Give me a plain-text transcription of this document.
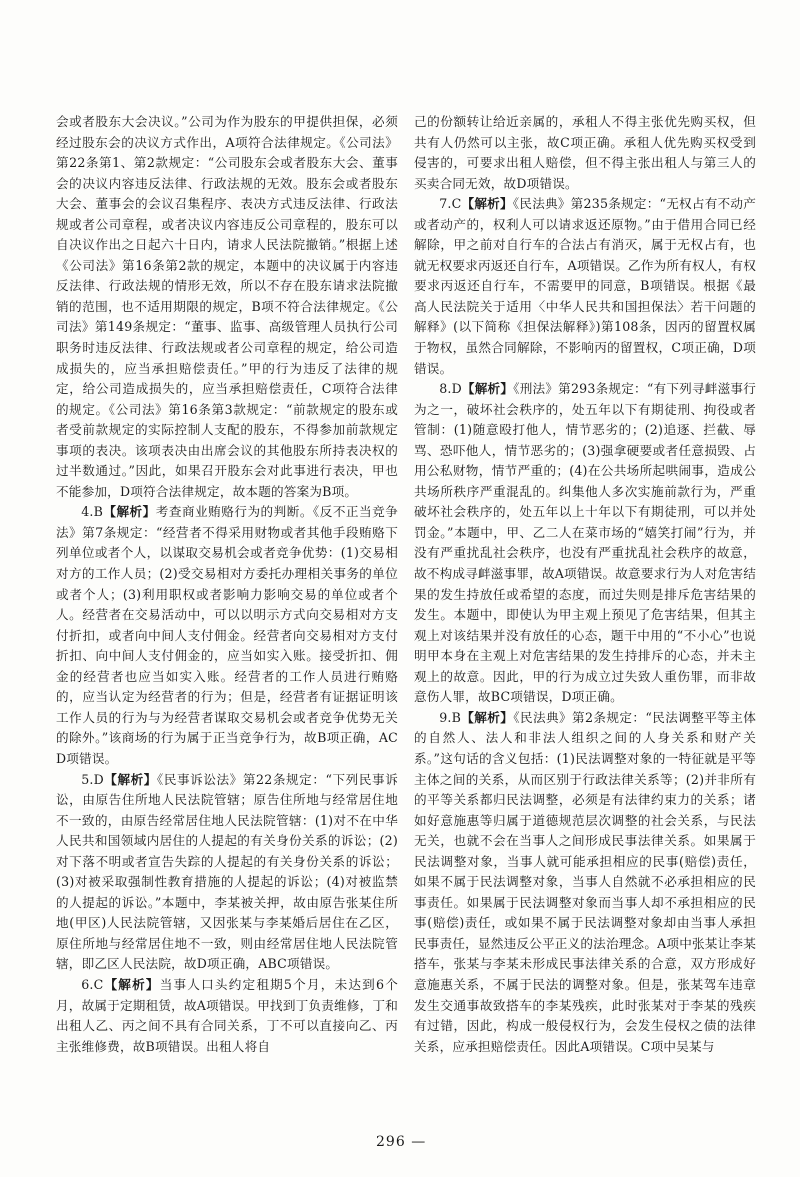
会或者股东大会决议。”公司为作为股东的甲提供担保，必须经过股东会的决议方式作出，A项符合法律规定。《公司法》第22条第1、第2款规定：“公司股东会或者股东大会、董事会的决议内容违反法律、行政法规的无效。股东会或者股东大会、董事会的会议召集程序、表决方式违反法律、行政法规或者公司章程，或者决议内容违反公司章程的，股东可以自决议作出之日起六十日内，请求人民法院撤销。”根据上述《公司法》第16条第2款的规定，本题中的决议属于内容违反法律、行政法规的情形无效，所以不存在股东请求法院撤销的范围，也不适用期限的规定，B项不符合法律规定。《公司法》第149条规定：“董事、监事、高级管理人员执行公司职务时违反法律、行政法规或者公司章程的规定，给公司造成损失的，应当承担赔偿责任。”甲的行为违反了法律的规定，给公司造成损失的，应当承担赔偿责任，C项符合法律的规定。《公司法》第16条第3款规定：“前款规定的股东或者受前款规定的实际控制人支配的股东，不得参加前款规定事项的表决。该项表决由出席会议的其他股东所持表决权的过半数通过。”因此，如果召开股东会对此事进行表决，甲也不能参加，D项符合法律规定，故本题的答案为B项。

4.B【解析】考查商业贿赂行为的判断。《反不正当竞争法》第7条规定：“经营者不得采用财物或者其他手段贿赂下列单位或者个人，以谋取交易机会或者竞争优势：(1)交易相对方的工作人员；(2)受交易相对方委托办理相关事务的单位或者个人；(3)利用职权或者影响力影响交易的单位或者个人。经营者在交易活动中，可以以明示方式向交易相对方支付折扣，或者向中间人支付佣金。经营者向交易相对方支付折扣、向中间人支付佣金的，应当如实入账。接受折扣、佣金的经营者也应当如实入账。经营者的工作人员进行贿赂的，应当认定为经营者的行为；但是，经营者有证据证明该工作人员的行为与为经营者谋取交易机会或者竞争优势无关的除外。”该商场的行为属于正当竞争行为，故B项正确，ACD项错误。

5.D【解析】《民事诉讼法》第22条规定：“下列民事诉讼，由原告住所地人民法院管辖；原告住所地与经常居住地不一致的，由原告经常居住地人民法院管辖：(1)对不在中华人民共和国领域内居住的人提起的有关身份关系的诉讼；(2)对下落不明或者宣告失踪的人提起的有关身份关系的诉讼；(3)对被采取强制性教育措施的人提起的诉讼；(4)对被监禁的人提起的诉讼。”本题中，李某被关押，故由原告张某住所地(甲区)人民法院管辖，又因张某与李某婚后居住在乙区，原住所地与经常居住地不一致，则由经常居住地人民法院管辖，即乙区人民法院，故D项正确，ABC项错误。

6.C【解析】当事人口头约定租期5个月，未达到6个月，故属于定期租赁，故A项错误。甲找到丁负责维修，丁和出租人乙、丙之间不具有合同关系，丁不可以直接向乙、丙主张维修费，故B项错误。出租人将自

己的份额转让给近亲属的，承租人不得主张优先购买权，但共有人仍然可以主张，故C项正确。承租人优先购买权受到侵害的，可要求出租人赔偿，但不得主张出租人与第三人的买卖合同无效，故D项错误。

7.C【解析】《民法典》第235条规定：“无权占有不动产或者动产的，权利人可以请求返还原物。”由于借用合同已经解除，甲之前对自行车的合法占有消灭，属于无权占有，也就无权要求丙返还自行车，A项错误。乙作为所有权人，有权要求丙返还自行车，不需要甲的同意，B项错误。根据《最高人民法院关于适用〈中华人民共和国担保法〉若干问题的解释》(以下简称《担保法解释》)第108条，因丙的留置权属于物权，虽然合同解除，不影响丙的留置权，C项正确，D项错误。

8.D【解析】《刑法》第293条规定：“有下列寻衅滋事行为之一，破坏社会秩序的，处五年以下有期徒刑、拘役或者管制：(1)随意殴打他人，情节恶劣的；(2)追逐、拦截、辱骂、恐吓他人，情节恶劣的；(3)强拿硬要或者任意损毁、占用公私财物，情节严重的；(4)在公共场所起哄闹事，造成公共场所秩序严重混乱的。纠集他人多次实施前款行为，严重破坏社会秩序的，处五年以上十年以下有期徒刑，可以并处罚金。”本题中，甲、乙二人在菜市场的“嬉笑打闹”行为，并没有严重扰乱社会秩序，也没有严重扰乱社会秩序的故意，故不构成寻衅滋事罪，故A项错误。故意要求行为人对危害结果的发生持放任或希望的态度，而过失则是排斥危害结果的发生。本题中，即使认为甲主观上预见了危害结果，但其主观上对该结果并没有放任的心态，题干中用的“不小心”也说明甲本身在主观上对危害结果的发生持排斥的心态，并未主观上的故意。因此，甲的行为成立过失致人重伤罪，而非故意伤人罪，故BC项错误，D项正确。

9.B【解析】《民法典》第2条规定：“民法调整平等主体的自然人、法人和非法人组织之间的人身关系和财产关系。”这句话的含义包括：(1)民法调整对象的一特征就是平等主体之间的关系，从而区别于行政法律关系等；(2)并非所有的平等关系都归民法调整，必须是有法律约束力的关系；诸如好意施惠等归属于道德规范层次调整的社会关系，与民法无关，也就不会在当事人之间形成民事法律关系。如果属于民法调整对象，当事人就可能承担相应的民事(赔偿)责任，如果不属于民法调整对象，当事人自然就不必承担相应的民事责任。如果属于民法调整对象而当事人却不承担相应的民事(赔偿)责任，或如果不属于民法调整对象却由当事人承担民事责任，显然违反公平正义的法治理念。A项中张某让李某搭车，张某与李某未形成民事法律关系的合意，双方形成好意施惠关系，不属于民法的调整对象。但是，张某驾车违章发生交通事故致搭车的李某残疾，此时张某对于李某的残疾有过错，因此，构成一般侵权行为，会发生侵权之债的法律关系，应承担赔偿责任。因此A项错误。C项中吴某与

296 —
